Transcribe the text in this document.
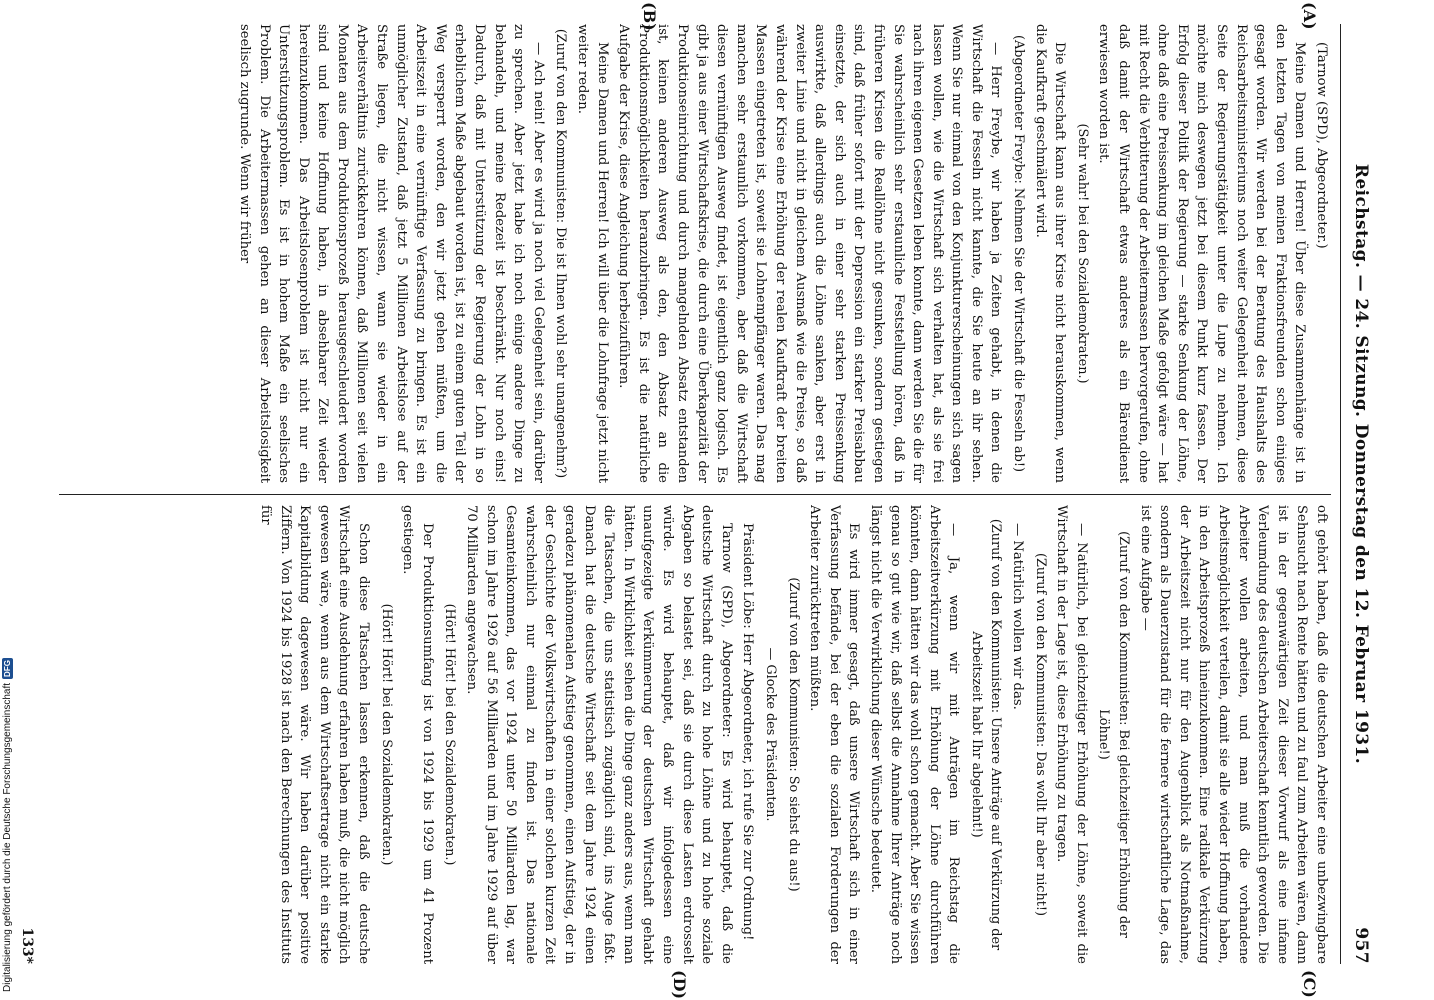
Reichstag. — 24. Sitzung. Donnerstag den 12. Februar 1931.
957

(Tarnow (SPD), Abgeordneter.)

Meine Damen und Herren! Über diese Zusammenhänge ist in den letzten Tagen von meinen Fraktionsfreunden schon einiges gesagt worden. Wir werden bei der Beratung des Haushalts des Reichsarbeitsministeriums noch weiter Gelegenheit nehmen, diese Seite der Regierungstätigkeit unter die Lupe zu nehmen. Ich möchte mich deswegen jetzt bei diesem Punkt kurz fassen. Der Erfolg dieser Politik der Regierung — starke Senkung der Löhne, ohne daß eine Preissenkung im gleichen Maße gefolgt wäre — hat mit Recht die Verbitterung der Arbeitermassen hervorgerufen, ohne daß damit der Wirtschaft etwas anderes als ein Bärendienst erwiesen worden ist.

(Sehr wahr! bei den Sozialdemokraten.)

Die Wirtschaft kann aus ihrer Krise nicht herauskommen, wenn die Kaufkraft geschmälert wird.

(Abgeordneter Freybe: Nehmen Sie der Wirtschaft die Fesseln ab!)

— Herr Freybe, wir haben ja Zeiten gehabt, in denen die Wirtschaft die Fesseln nicht kannte, die Sie heute an ihr sehen. Wenn Sie nur einmal von den Konjunkturerscheinungen sich sagen lassen wollen, wie die Wirtschaft sich verhalten hat, als sie frei nach ihren eigenen Gesetzen leben konnte, dann werden Sie die für Sie wahrscheinlich sehr erstaunliche Feststellung hören, daß in früheren Krisen die Reallöhne nicht gesunken, sondern gestiegen sind, daß früher sofort mit der Depression ein starker Preisabbau einsetzte, der sich auch in einer sehr starken Preissenkung auswirkte, daß allerdings auch die Löhne sanken, aber erst in zweiter Linie und nicht in gleichem Ausmaß wie die Preise, so daß während der Krise eine Erhöhung der realen Kaufkraft der breiten Massen eingetreten ist, soweit sie Lohnempfänger waren. Das mag manchen sehr erstaunlich vorkommen, aber daß die Wirtschaft diesen vernünftigen Ausweg findet, ist eigentlich ganz logisch. Es gibt ja aus einer Wirtschaftskrise, die durch eine Überkapazität der Produktionseinrichtung und durch mangelnden Absatz entstanden ist, keinen anderen Ausweg als den, den Absatz an die Produktionsmöglichkeiten heranzubringen. Es ist die natürliche Aufgabe der Krise, diese Angleichung herbeizuführen.

Meine Damen und Herren! Ich will über die Lohnfrage jetzt nicht weiter reden.

(Zuruf von den Kommunisten: Die ist Ihnen wohl sehr unangenehm?)

— Ach nein! Aber es wird ja noch viel Gelegenheit sein, darüber zu sprechen. Aber jetzt habe ich noch einige andere Dinge zu behandeln, und meine Redezeit ist beschränkt. Nur noch eins! Dadurch, daß mit Unterstützung der Regierung der Lohn in so erheblichem Maße abgebaut worden ist, ist zu einem guten Teil der Weg versperrt worden, den wir jetzt gehen müßten, um die Arbeitszeit in eine vernünftige Verfassung zu bringen. Es ist ein unmöglicher Zustand, daß jetzt 5 Millionen Arbeitslose auf der Straße liegen, die nicht wissen, wann sie wieder in ein Arbeitsverhältnis zurückkehren können, daß Millionen seit vielen Monaten aus dem Produktionsprozeß herausgeschleudert worden sind und keine Hoffnung haben, in absehbarer Zeit wieder hereinzukommen. Das Arbeitslosenproblem ist nicht nur ein Unterstützungsproblem. Es ist in hohem Maße ein seelisches Problem. Die Arbeitermassen gehen an dieser Arbeitslosigkeit seelisch zugrunde. Wenn wir früher

oft gehört haben, daß die deutschen Arbeiter eine unbezwingbare Sehnsucht nach Rente hätten und zu faul zum Arbeiten wären, dann ist in der gegenwärtigen Zeit dieser Vorwurf als eine infame Verleumdung des deutschen Arbeiterschaft kenntlich geworden. Die Arbeiter wollen arbeiten, und man muß die vorhandene Arbeitsmöglichkeit verteilen, damit sie alle wieder Hoffnung haben, in den Arbeitsprozeß hineinzukommen. Eine radikale Verkürzung der Arbeitszeit nicht nur für den Augenblick als Notmaßnahme, sondern als Dauerzustand für die fernere wirtschaftliche Lage, das ist eine Aufgabe —

(Zuruf von den Kommunisten: Bei gleichzeitiger Erhöhung der Löhne!)

— Natürlich, bei gleichzeitiger Erhöhung der Löhne, soweit die Wirtschaft in der Lage ist, diese Erhöhung zu tragen.

(Zuruf von den Kommunisten: Das wollt Ihr aber nicht!)

— Natürlich wollen wir das.

(Zuruf von den Kommunisten: Unsere Anträge auf Verkürzung der Arbeitszeit habt Ihr abgelehnt!)

— Ja, wenn wir mit Anträgen im Reichstag die Arbeitszeitverkürzung mit Erhöhung der Löhne durchführen könnten, dann hätten wir das wohl schon gemacht. Aber Sie wissen genau so gut wie wir, daß selbst die Annahme Ihrer Anträge noch längst nicht die Verwirklichung dieser Wünsche bedeutet.

Es wird immer gesagt, daß unsere Wirtschaft sich in einer Verfassung befände, bei der eben die sozialen Forderungen der Arbeiter zurücktreten müßten.

(Zuruf von den Kommunisten: So siehst du aus!)

— Glocke des Präsidenten.

Präsident Löbe: Herr Abgeordneter, ich rufe Sie zur Ordnung!

Tarnow (SPD), Abgeordneter: Es wird behauptet, daß die deutsche Wirtschaft durch zu hohe Löhne und zu hohe soziale Abgaben so belastet sei, daß sie durch diese Lasten erdrosselt würde. Es wird behauptet, daß wir infolgedessen eine unaufgezeigte Verkümmerung der deutschen Wirtschaft gehabt hätten. In Wirklichkeit sehen die Dinge ganz anders aus, wenn man die Tatsachen, die uns statistisch zugänglich sind, ins Auge faßt. Danach hat die deutsche Wirtschaft seit dem Jahre 1924 einen geradezu phänomenalen Aufstieg genommen, einen Aufstieg, der in der Geschichte der Volkswirtschaften in einer solchen kurzen Zeit wahrscheinlich nur einmal zu finden ist. Das nationale Gesamteinkommen, das vor 1924 unter 50 Milliarden lag, war schon im Jahre 1926 auf 56 Milliarden und im Jahre 1929 auf über 70 Milliarden angewachsen.

(Hört! Hört! bei den Sozialdemokraten.)

Der Produktionsumfang ist von 1924 bis 1929 um 41 Prozent gestiegen.

(Hört! Hört! bei den Sozialdemokraten.)

Schon diese Tatsachen lassen erkennen, daß die deutsche Wirtschaft eine Ausdehnung erfahren haben muß, die nicht möglich gewesen wäre, wenn aus dem Wirtschaftsertrage nicht ein starke Kapitalbildung dagewesen wäre. Wir haben darüber positive Ziffern. Von 1924 bis 1928 ist nach den Berechnungen des Instituts für

(A)
(B)
(C)
(D)
133*
Digitalisierung gefördert durch die Deutsche Forschungsgemeinschaft
DFG
